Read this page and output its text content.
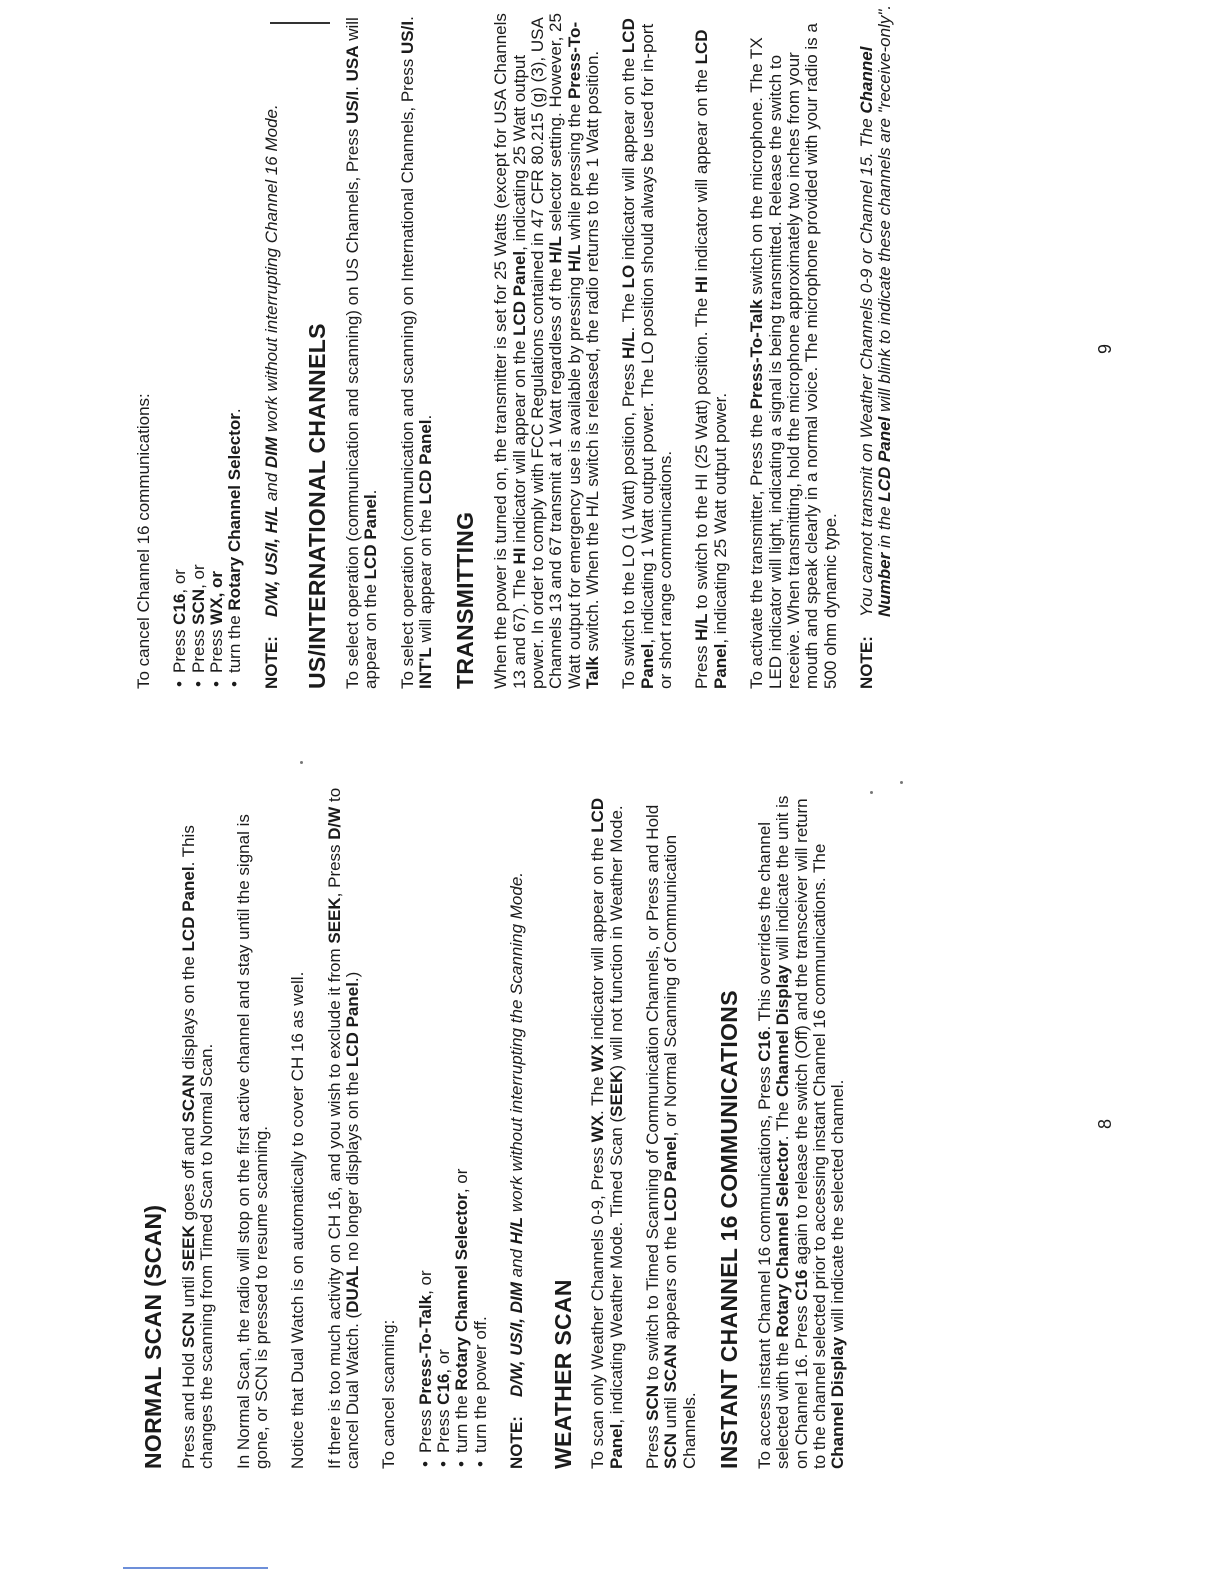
NORMAL SCAN (SCAN) Press and Hold SCN until SEEK goes off and SCAN displays on the LCD Panel. This changes the scanning from Timed Scan to Normal Scan. In Normal Scan, the radio will stop on the first active channel and stay until the signal is gone, or SCN is pressed to resume scanning. Notice that Dual Watch is on automatically to cover CH 16 as well. If there is too much activity on CH 16, and you wish to exclude it from SEEK, Press D/W to cancel Dual Watch. (DUAL no longer displays on the LCD Panel.)

To cancel scanning: • Press Press-To-Talk, or
• Press C16, or
• turn the Rotary Channel Selector, or
• turn the power off. NOTE:
D/W, US/I, DIM and H/L work without interrupting the Scanning Mode.
WEATHER SCAN To scan only Weather Channels 0-9, Press WX. The WX indicator will appear on the LCD Panel, indicating Weather Mode. Timed Scan (SEEK) will not function in Weather Mode.

Press SCN to switch to Timed Scanning of Communication Channels, or Press and Hold SCN until SCAN appears on the LCD Panel, or Normal Scanning of Communication Channels. INSTANT CHANNEL 16 COMMUNICATIONS To access instant Channel 16 communications, Press C16. This overrides the channel selected with the Rotary Channel Selector. The Channel Display will indicate the unit is on Channel 16. Press C16 again to release the switch (Off) and the transceiver will return to the channel selected prior to accessing instant Channel 16 communications. The Channel Display will indicate the selected channel.	8

To cancel Channel 16 communications: • Press C16, or
• Press SCN, or
• Press WX, or
• turn the Rotary Channel Selector.
NOTE:
D/W, US/I, H/L and DIM work without interrupting Channel 16 Mode.
US/INTERNATIONAL CHANNELS To select operation (communication and scanning) on US Channels, Press US/I. USA will appear on the LCD Panel. To select operation (communication and scanning) on International Channels, Press US/I. INT'L will appear on the LCD Panel.

TRANSMITTING When the power is turned on, the transmitter is set for 25 Watts (except for USA Channels 13 and 67). The HI indicator will appear on the LCD Panel, indicating 25 Watt output power. In order to comply with FCC Regulations contained in 47 CFR 80.215 (g) (3), USA Channels 13 and 67 transmit at 1 Watt regardless of the H/L selector setting. However, 25 Watt output for emergency use is available by pressing H/L while pressing the Press-To-Talk switch. When the H/L switch is released, the radio returns to the 1 Watt position. To switch to the LO (1 Watt) position, Press H/L. The LO indicator will appear on the LCD Panel, indicating 1 Watt output power. The LO position should always be used for in-port or short range communications. Press H/L to switch to the HI (25 Watt) position. The HI indicator will appear on the LCD Panel, indicating 25 Watt output power. To activate the transmitter, Press the Press-To-Talk switch on the microphone. The TX LED indicator will light, indicating a signal is being transmitted. Release the switch to receive. When transmitting, hold the microphone approximately two inches from your mouth and speak clearly in a normal voice. The microphone provided with your radio is a 500 ohm dynamic type. NOTE:
You cannot transmit on Weather Channels 0-9 or Channel 15. The Channel Number in the LCD Panel will blink to indicate these channels are "receive-only".	9
